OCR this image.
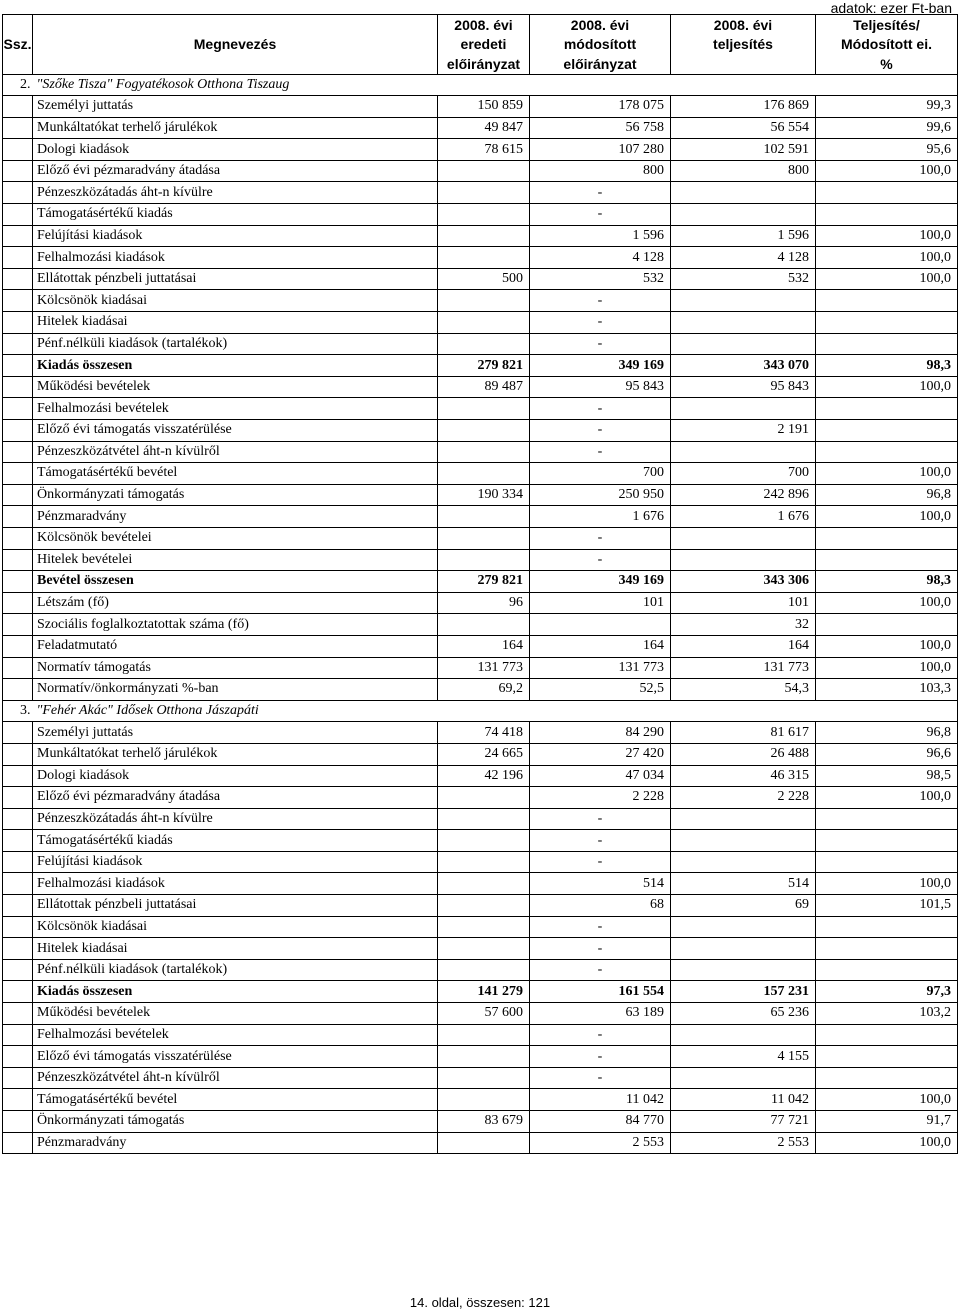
adatok: ezer Ft-ban
		2008. évi	2008. évi	2008. évi	Teljesítés/
Ssz.	Megnevezés	eredeti	módosított	teljesítés	Módosított ei.
		előirányzat	előirányzat		%
2.	"Szőke Tisza" Fogyatékosok Otthona Tiszaug				
	Személyi juttatás	150 859	178 075	176 869	99,3
	Munkáltatókat terhelő járulékok	49 847	56 758	56 554	99,6
	Dologi kiadások	78 615	107 280	102 591	95,6
	Előző évi pézmaradvány átadása		800	800	100,0
	Pénzeszközátadás áht-n kívülre		-		
	Támogatásértékű kiadás		-		
	Felújítási kiadások		1 596	1 596	100,0
	Felhalmozási kiadások		4 128	4 128	100,0
	Ellátottak pénzbeli juttatásai	500	532	532	100,0
	Kölcsönök kiadásai		-		
	Hitelek kiadásai		-		
	Pénf.nélküli kiadások (tartalékok)		-		
	Kiadás összesen	279 821	349 169	343 070	98,3
	Működési bevételek	89 487	95 843	95 843	100,0
	Felhalmozási bevételek		-		
	Előző évi támogatás visszatérülése		-	2 191	
	Pénzeszközátvétel áht-n kívülről		-		
	Támogatásértékű bevétel		700	700	100,0
	Önkormányzati támogatás	190 334	250 950	242 896	96,8
	Pénzmaradvány		1 676	1 676	100,0
	Kölcsönök bevételei		-		
	Hitelek bevételei		-		
	Bevétel összesen	279 821	349 169	343 306	98,3
	Létszám (fő)	96	101	101	100,0
	Szociális foglalkoztatottak száma (fő)			32	
	Feladatmutató	164	164	164	100,0
	Normatív támogatás	131 773	131 773	131 773	100,0
	Normatív/önkormányzati %-ban	69,2	52,5	54,3	103,3
3.	"Fehér Akác" Idősek Otthona Jászapáti				
	Személyi juttatás	74 418	84 290	81 617	96,8
	Munkáltatókat terhelő járulékok	24 665	27 420	26 488	96,6
	Dologi kiadások	42 196	47 034	46 315	98,5
	Előző évi pézmaradvány átadása		2 228	2 228	100,0
	Pénzeszközátadás áht-n kívülre		-		
	Támogatásértékű kiadás		-		
	Felújítási kiadások		-		
	Felhalmozási kiadások		514	514	100,0
	Ellátottak pénzbeli juttatásai		68	69	101,5
	Kölcsönök kiadásai		-		
	Hitelek kiadásai		-		
	Pénf.nélküli kiadások (tartalékok)		-		
	Kiadás összesen	141 279	161 554	157 231	97,3
	Működési bevételek	57 600	63 189	65 236	103,2
	Felhalmozási bevételek		-		
	Előző évi támogatás visszatérülése		-	4 155	
	Pénzeszközátvétel áht-n kívülről		-		
	Támogatásértékű bevétel		11 042	11 042	100,0
	Önkormányzati támogatás	83 679	84 770	77 721	91,7
	Pénzmaradvány		2 553	2 553	100,0
14. oldal, összesen: 121
